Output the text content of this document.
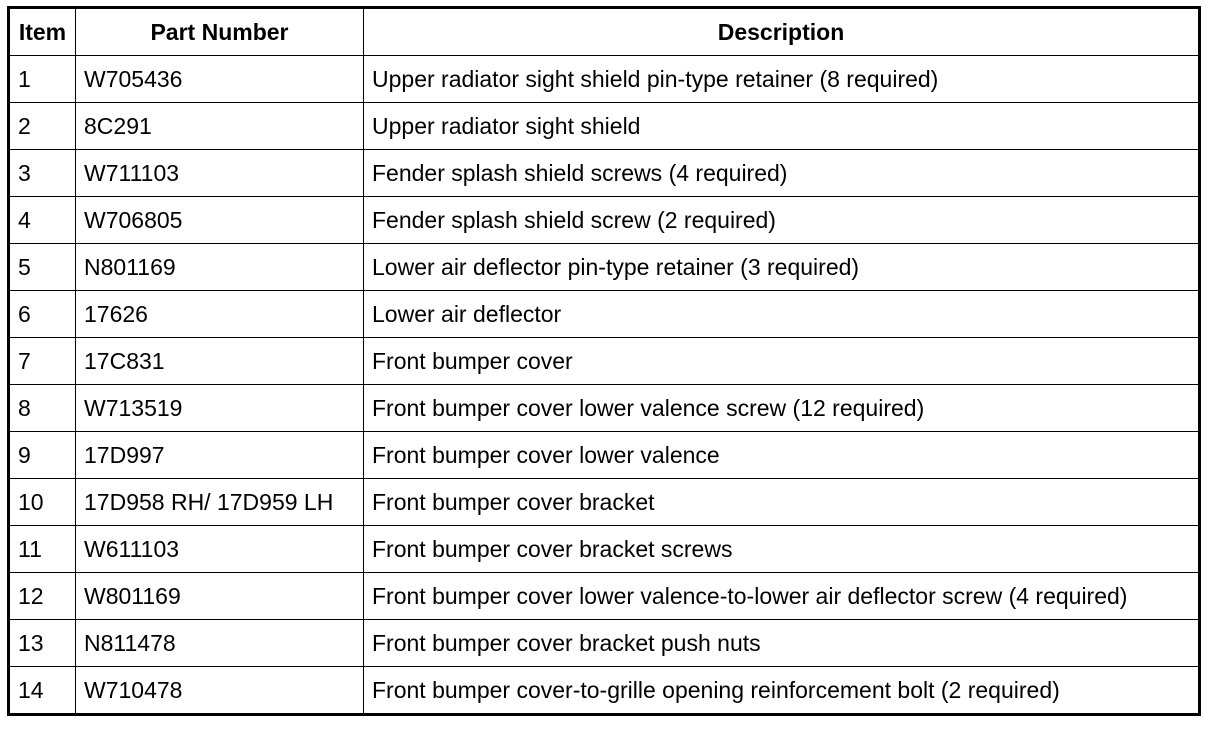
Item	Part Number	Description
1	W705436	Upper radiator sight shield pin-type retainer (8 required)
2	8C291	Upper radiator sight shield
3	W711103	Fender splash shield screws (4 required)
4	W706805	Fender splash shield screw (2 required)
5	N801169	Lower air deflector pin-type retainer (3 required)
6	17626	Lower air deflector
7	17C831	Front bumper cover
8	W713519	Front bumper cover lower valence screw (12 required)
9	17D997	Front bumper cover lower valence
10	17D958 RH/ 17D959 LH	Front bumper cover bracket
11	W611103	Front bumper cover bracket screws
12	W801169	Front bumper cover lower valence-to-lower air deflector screw (4 required)
13	N811478	Front bumper cover bracket push nuts
14	W710478	Front bumper cover-to-grille opening reinforcement bolt (2 required)
